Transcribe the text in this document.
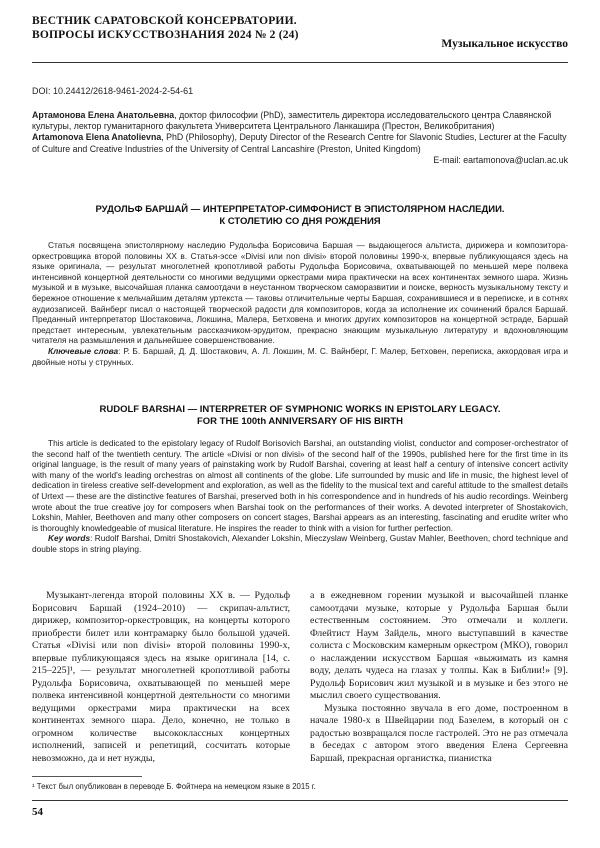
ВЕСТНИК САРАТОВСКОЙ КОНСЕРВАТОРИИ.
ВОПРОСЫ ИСКУССТВОЗНАНИЯ 2024 № 2 (24)
Музыкальное искусство
DOI: 10.24412/2618-9461-2024-2-54-61
Артамонова Елена Анатольевна, доктор философии (PhD), заместитель директора исследовательского центра Славянской культуры, лектор гуманитарного факультета Университета Центрального Ланкашира (Престон, Великобритания)
Artamonova Elena Anatolievna, PhD (Philosophy), Deputy Director of the Research Centre for Slavonic Studies, Lecturer at the Faculty of Culture and Creative Industries of the University of Central Lancashire (Preston, United Kingdom)
E-mail: eartamonova@uclan.ac.uk
РУДОЛЬФ БАРШАЙ — ИНТЕРПРЕТАТОР-СИМФОНИСТ В ЭПИСТОЛЯРНОМ НАСЛЕДИИ.
К СТОЛЕТИЮ СО ДНЯ РОЖДЕНИЯ

Статья посвящена эпистолярному наследию Рудольфа Борисовича Баршая — выдающегося альтиста, дирижера и композитора-оркестровщика второй половины XX в. Статья-эссе «Divisi или non divisi» второй половины 1990-х, впервые публикующаяся здесь на языке оригинала, — результат многолетней кропотливой работы Рудольфа Борисовича, охватывающей по меньшей мере полвека интенсивной концертной деятельности со многими ведущими оркестрами мира практически на всех континентах земного шара. Жизнь музыкой и в музыке, высочайшая планка самоотдачи в неустанном творческом саморазвитии и поиске, верность музыкальному тексту и бережное отношение к мельчайшим деталям уртекста — таковы отличительные черты Баршая, сохранившиеся и в переписке, и в сотнях аудиозаписей. Вайнберг писал о настоящей творческой радости для композиторов, когда за исполнение их сочинений брался Баршай. Преданный интерпретатор Шостаковича, Локшина, Малера, Бетховена и многих других композиторов на концертной эстраде, Баршай предстает интересным, увлекательным рассказчиком-эрудитом, прекрасно знающим музыкальную литературу и вдохновляющим читателя на размышления и дальнейшее совершенствование.

Ключевые слова: Р. Б. Баршай, Д. Д. Шостакович, А. Л. Локшин, М. С. Вайнберг, Г. Малер, Бетховен, переписка, аккордовая игра и двойные ноты у струнных.

RUDOLF BARSHAI — INTERPRETER OF SYMPHONIC WORKS IN EPISTOLARY LEGACY.
FOR THE 100th ANNIVERSARY OF HIS BIRTH

This article is dedicated to the epistolary legacy of Rudolf Borisovich Barshai, an outstanding violist, conductor and composer-orchestrator of the second half of the twentieth century. The article «Divisi or non divisi» of the second half of the 1990s, published here for the first time in its original language, is the result of many years of painstaking work by Rudolf Barshai, covering at least half a century of intensive concert activity with many of the world's leading orchestras on almost all continents of the globe. Life surrounded by music and life in music, the highest level of dedication in tireless creative self-development and exploration, as well as the fidelity to the musical text and careful attitude to the smallest details of Urtext — these are the distinctive features of Barshai, preserved both in his correspondence and in hundreds of his audio recordings. Weinberg wrote about the true creative joy for composers when Barshai took on the performances of their works. A devoted interpreter of Shostakovich, Lokshin, Mahler, Beethoven and many other composers on concert stages, Barshai appears as an interesting, fascinating and erudite writer who is thoroughly knowledgeable of musical literature. He inspires the reader to think with a vision for further perfection.

Key words: Rudolf Barshai, Dmitri Shostakovich, Alexander Lokshin, Mieczyslaw Weinberg, Gustav Mahler, Beethoven, chord technique and double stops in string playing.

Музыкант-легенда второй половины XX в. — Рудольф Борисович Баршай (1924–2010) — скрипач-альтист, дирижер, композитор-оркестровщик, на концерты которого приобрести билет или контрамарку было большой удачей. Статья «Divisi или non divisi» второй половины 1990-х, впервые публикующаяся здесь на языке оригинала [14, с. 215–225]¹, — результат многолетней кропотливой работы Рудольфа Борисовича, охватывающей по меньшей мере полвека интенсивной концертной деятельности со многими ведущими оркестрами мира практически на всех континентах земного шара. Дело, конечно, не только в огромном количестве высококлассных концертных исполнений, записей и репетиций, сосчитать которые невозможно, да и нет нужды,

а в ежедневном горении музыкой и высочайшей планке самоотдачи музыке, которые у Рудольфа Баршая были естественным состоянием. Это отмечали и коллеги. Флейтист Наум Зайдель, много выступавший в качестве солиста с Московским камерным оркестром (МКО), говорил о наслаждении искусством Баршая «выжимать из камня воду, делать чудеса на глазах у толпы. Как в Библии!» [9]. Рудольф Борисович жил музыкой и в музыке и без этого не мыслил своего существования.

Музыка постоянно звучала в его доме, построенном в начале 1980-х в Швейцарии под Базелем, в который он с радостью возвращался после гастролей. Это не раз отмечала в беседах с автором этого введения Елена Сергеевна Баршай, прекрасная органистка, пианистка

¹ Текст был опубликован в переводе Б. Фойтнера на немецком языке в 2015 г.
54
